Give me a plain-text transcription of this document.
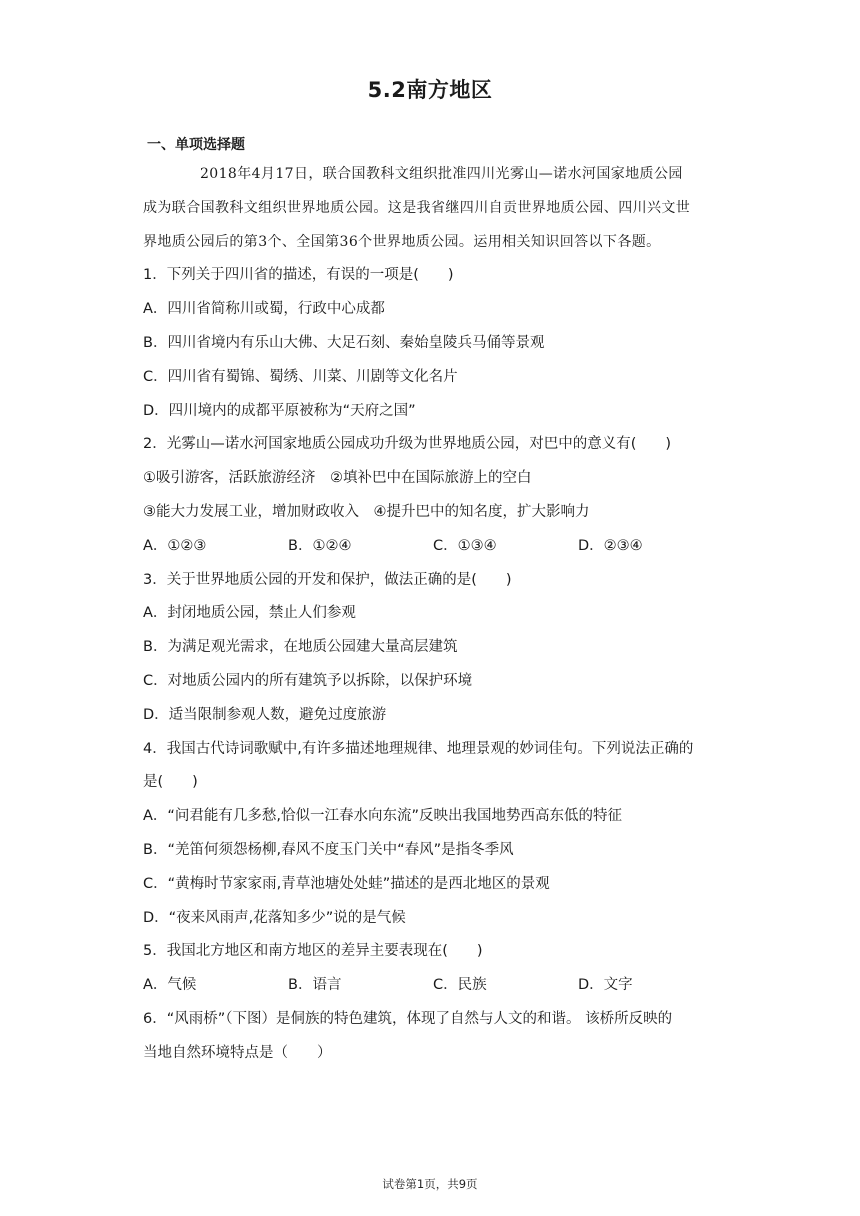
5.2南方地区
一、单项选择题
2018年4月17日，联合国教科文组织批准四川光雾山—诺水河国家地质公园
成为联合国教科文组织世界地质公园。这是我省继四川自贡世界地质公园、四川兴文世
界地质公园后的第3个、全国第36个世界地质公园。运用相关知识回答以下各题。
1．下列关于四川省的描述，有误的一项是(　　)
A．四川省简称川或蜀，行政中心成都
B．四川省境内有乐山大佛、大足石刻、秦始皇陵兵马俑等景观
C．四川省有蜀锦、蜀绣、川菜、川剧等文化名片
D．四川境内的成都平原被称为“天府之国”
2．光雾山—诺水河国家地质公园成功升级为世界地质公园，对巴中的意义有(　　)
①吸引游客，活跃旅游经济　②填补巴中在国际旅游上的空白
③能大力发展工业，增加财政收入　④提升巴中的知名度，扩大影响力
A．①②③	B．①②④	C．①③④	D．②③④
3．关于世界地质公园的开发和保护，做法正确的是(　　)
A．封闭地质公园，禁止人们参观
B．为满足观光需求，在地质公园建大量高层建筑
C．对地质公园内的所有建筑予以拆除，以保护环境
D．适当限制参观人数，避免过度旅游
4．我国古代诗词歌赋中,有许多描述地理规律、地理景观的妙词佳句。下列说法正确的
是(　　)
A．“问君能有几多愁,恰似一江春水向东流”反映出我国地势西高东低的特征
B．“羌笛何须怨杨柳,春风不度玉门关中“春风”是指冬季风
C．“黄梅时节家家雨,青草池塘处处蛙”描述的是西北地区的景观
D．“夜来风雨声,花落知多少”说的是气候
5．我国北方地区和南方地区的差异主要表现在(　　)
A．气候	B．语言	C．民族	D．文字
6．“风雨桥”（下图）是侗族的特色建筑，体现了自然与人文的和谐。 该桥所反映的
当地自然环境特点是（　　）
试卷第1页，共9页
